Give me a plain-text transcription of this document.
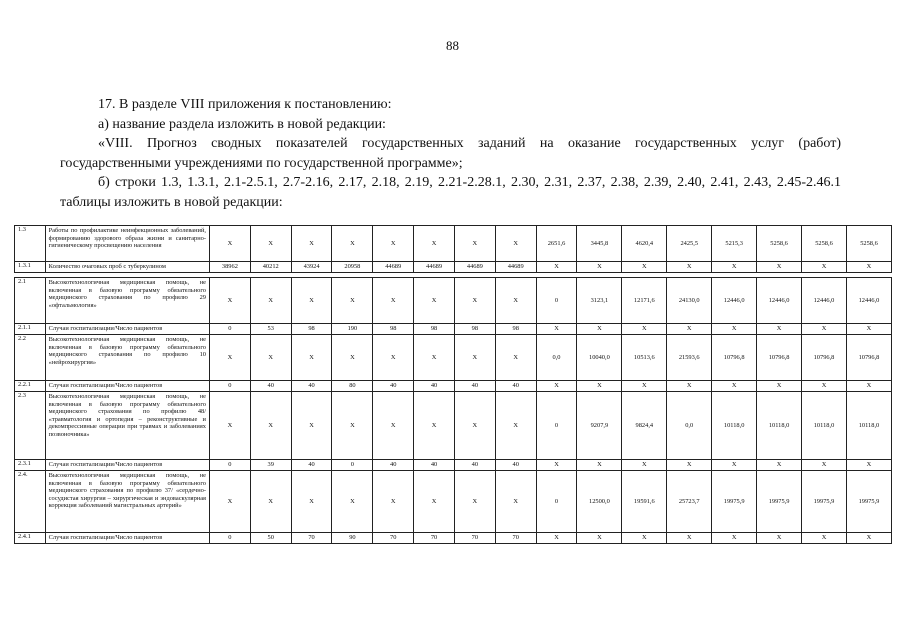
88

17. В разделе VIII приложения к постановлению:

а) название раздела изложить в новой редакции:

«VIII. Прогноз сводных показателей государственных заданий на оказание государственных услуг (работ) государственными учреждениями по государственной программе»;

б) строки 1.3, 1.3.1, 2.1-2.5.1, 2.7-2.16, 2.17, 2.18, 2.19, 2.21-2.28.1, 2.30, 2.31, 2.37, 2.38, 2.39, 2.40, 2.41, 2.43, 2.45-2.46.1 таблицы изложить в новой редакции:

1.3	Работы по профилактике неинфекционных заболеваний, формированию здорового образа жизни и санитарно-гигиеническому просвещению населения	X	X	X	X	X	X	X	X	2651,6	3445,8	4620,4	2425,5	5215,3	5258,6	5258,6	5258,6
1.3.1	Количество очаговых проб с туберкулином	38962	40212	43924	20958	44689	44689	44689	44689	X	X	X	X	X	X	X	X

2.1	Высокотехнологичная медицинская помощь, не включенная в базовую программу обязательного медицинского страхования по профилю 29 «офтальмология»	X	X	X	X	X	X	X	X	0	3123,1	12171,6	24130,0	12446,0	12446,0	12446,0	12446,0
2.1.1	Случаи госпитализации/Число пациентов	0	53	98	190	98	98	98	98	X	X	X	X	X	X	X	X
2.2	Высокотехнологичная медицинская помощь, не включенная в базовую программу обязательного медицинского страхования по профилю 10 «нейрохирургия»	X	X	X	X	X	X	X	X	0,0	10040,0	10513,6	21593,6	10796,8	10796,8	10796,8	10796,8
2.2.1	Случаи госпитализации/Число пациентов	0	40	40	80	40	40	40	40	X	X	X	X	X	X	X	X
2.3	Высокотехнологичная медицинская помощь, не включенная в базовую программу обязательного медицинского страхования по профилю 48/ «травматология и ортопедия – реконструктивные и декомпрессивные операции при травмах и заболеваниях позвоночника»	X	X	X	X	X	X	X	X	0	9207,9	9824,4	0,0	10118,0	10118,0	10118,0	10118,0
2.3.1	Случаи госпитализации/Число пациентов	0	39	40	0	40	40	40	40	X	X	X	X	X	X	X	X
2.4.	Высокотехнологичная медицинская помощь, не включенная в базовую программу обязательного медицинского страхования по профилю 37/ «сердечно-сосудистая хирургия – хирургическая и эндоваскулярная коррекция заболеваний магистральных артерий»	X	X	X	X	X	X	X	X	0	12500,0	19591,6	25723,7	19975,9	19975,9	19975,9	19975,9
2.4.1	Случаи госпитализации/Число пациентов	0	50	70	90	70	70	70	70	X	X	X	X	X	X	X	X
